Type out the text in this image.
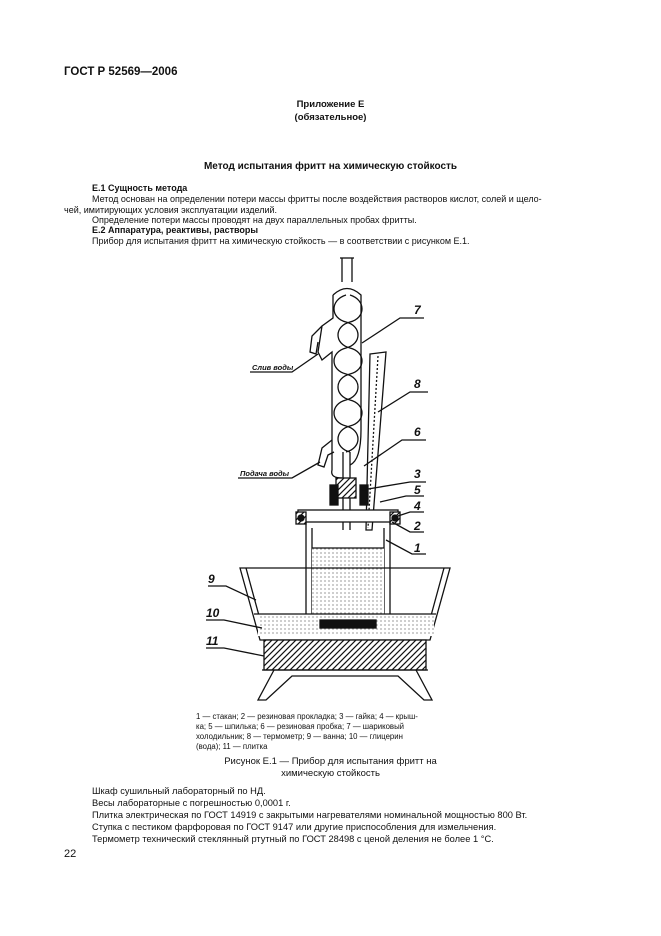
ГОСТ Р 52569—2006
Приложение Е
(обязательное)
Метод испытания фритт на химическую стойкость
Е.1 Сущность метода
Метод основан на определении потери массы фритты после воздействия растворов кислот, солей и щело-
чей, имитирующих условия эксплуатации изделий.
Определение потери массы проводят на двух параллельных пробах фритты.
Е.2 Аппаратура, реактивы, растворы
Прибор для испытания фритт на химическую стойкость — в соответствии с рисунком Е.1.
Слив воды
Подача воды
7
8
6
3
5
4
2
1
9
10
11
1 — стакан; 2 — резиновая прокладка; 3 — гайка; 4 — крыш-
ка; 5 — шпилька; 6 — резиновая пробка; 7 — шариковый
холодильник; 8 — термометр; 9 — ванна; 10 — глицерин
(вода); 11 — плитка
Рисунок Е.1 — Прибор для испытания фритт на
химическую стойкость
Шкаф сушильный лабораторный по НД.
Весы лабораторные с погрешностью 0,0001 г.
Плитка электрическая по ГОСТ 14919 с закрытыми нагревателями номинальной мощностью 800 Вт.
Ступка с пестиком фарфоровая по ГОСТ 9147 или другие приспособления для измельчения.
Термометр технический стеклянный ртутный по ГОСТ 28498 с ценой деления не более 1 °С.
22
